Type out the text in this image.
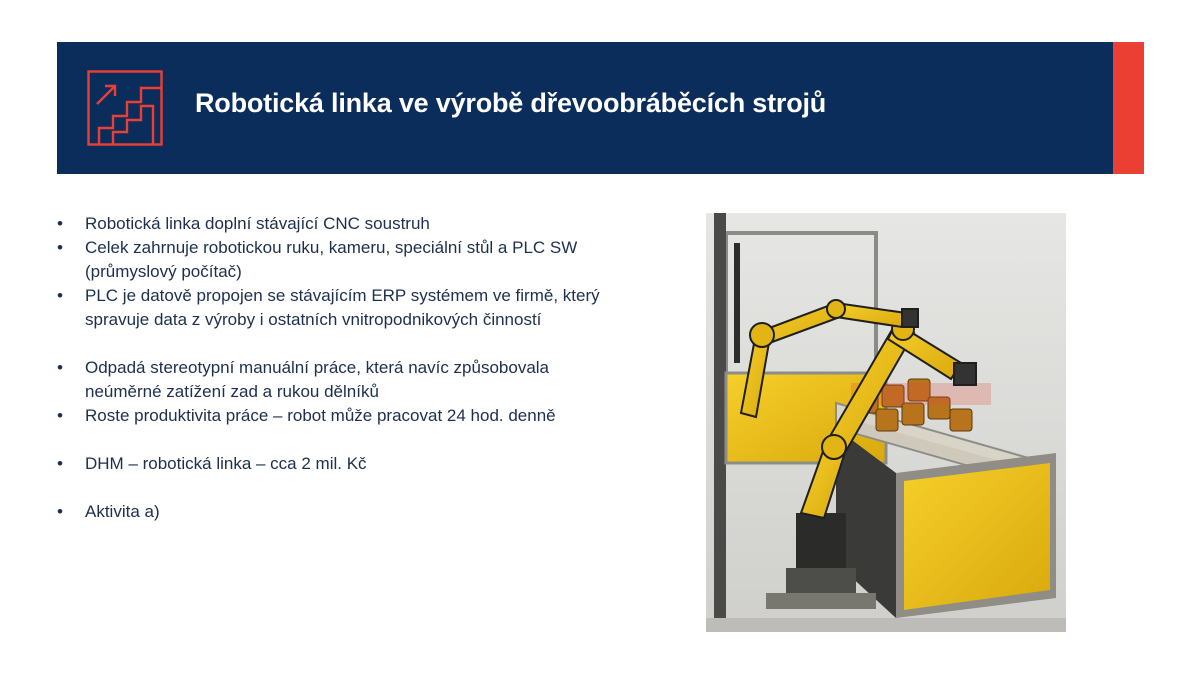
Robotická linka ve výrobě dřevoobráběcích strojů
• Robotická linka doplní stávající CNC soustruh
• Celek zahrnuje robotickou ruku, kameru, speciální stůl a PLC SW (průmyslový počítač)
• PLC je datově propojen se stávajícím ERP systémem ve firmě, který spravuje data z výroby i ostatních vnitropodnikových činností
• Odpadá stereotypní manuální práce, která navíc způsobovala neúměrné zatížení zad a rukou dělníků
• Roste produktivita práce – robot může pracovat 24 hod. denně
• DHM – robotická linka – cca 2 mil. Kč
• Aktivita a)
